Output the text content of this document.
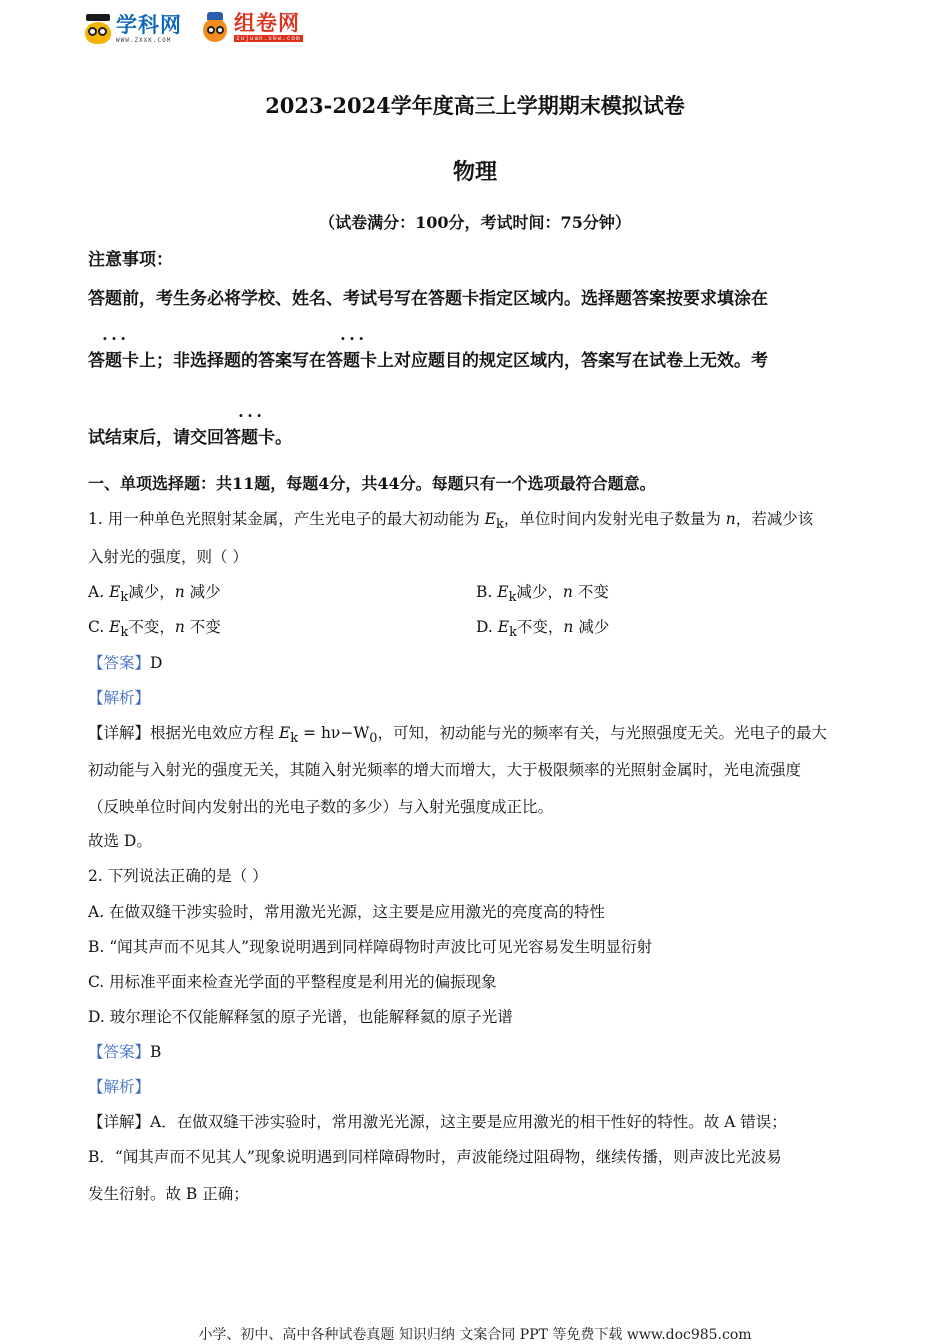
学科网
WWW.ZXXK.COM
组卷网
zujuan.xkw.com
2023-2024学年度高三上学期期末模拟试卷
物理
（试卷满分：100分，考试时间：75分钟）
注意事项：
答题前，考生务必将学校、姓名、考试号写在答题卡指定区域内。选择题答案按要求填涂在
答题卡上；非选择题的答案写在答题卡上对应题目的规定区域内，答案写在试卷上无效。考
试结束后，请交回答题卡。
一、单项选择题：共11题，每题4分，共44分。每题只有一个选项最符合题意。
1. 用一种单色光照射某金属，产生光电子的最大初动能为 $E_k$，单位时间内发射光电子数量为 n，若减少该
入射光的强度，则（ ）
A. $E_k$减少，n 减少	B. $E_k$减少，n 不变
C. $E_k$不变，n 不变	D. $E_k$不变，n 减少
【答案】D
【解析】
【详解】根据光电效应方程 $E_k = h\nu-W_0$，可知，初动能与光的频率有关，与光照强度无关。光电子的最大
初动能与入射光的强度无关，其随入射光频率的增大而增大，大于极限频率的光照射金属时，光电流强度
（反映单位时间内发射出的光电子数的多少）与入射光强度成正比。
故选 D。
2. 下列说法正确的是（ ）
A. 在做双缝干涉实验时，常用激光光源，这主要是应用激光的亮度高的特性
B. “闻其声而不见其人”现象说明遇到同样障碍物时声波比可见光容易发生明显衍射
C. 用标准平面来检查光学面的平整程度是利用光的偏振现象
D. 玻尔理论不仅能解释氢的原子光谱，也能解释氦的原子光谱
【答案】B
【解析】
【详解】A．在做双缝干涉实验时，常用激光光源，这主要是应用激光的相干性好的特性。故 A 错误；
B．“闻其声而不见其人”现象说明遇到同样障碍物时，声波能绕过阻碍物，继续传播，则声波比光波易
发生衍射。故 B 正确；
小学、初中、高中各种试卷真题 知识归纳 文案合同 PPT 等免费下载 www.doc985.com
